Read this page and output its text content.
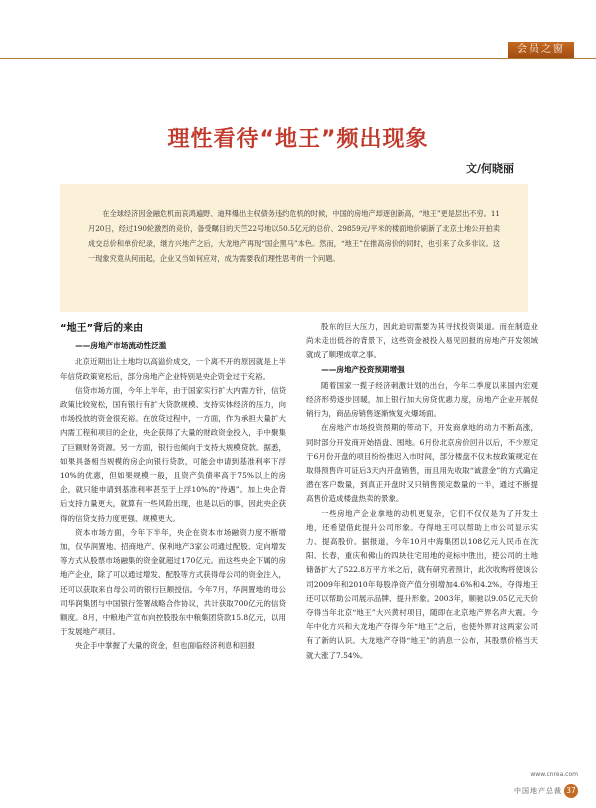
会员之窗
理性看待“地王”频出现象
文/何晓丽
在全球经济因金融危机而哀鸿遍野、迪拜爆出主权债务违约危机的时候，中国的房地产却逐创新高，“地王”更是层出不穷。11月20日，经过190轮激烈的竞价，备受瞩目的天竺22号地以50.5亿元的总价、29859元/平米的楼面地价刷新了北京土地公开拍卖成交总价和单价纪录，继方兴地产之后，大龙地产再现“国企黑马”本色。然而，“地王”在推高房价的同时，也引来了众多非议。这一现象究竟从何而起，企业又当如何应对，成为需要我们理性思考的一个问题。
“地王”背后的来由
——房地产市场流动性泛滥

北京近期出让土地均以高溢价成交，一个离不开的原因就是上半年信贷政策宽松后，部分房地产企业特别是央企资金过于充裕。

信贷市场方面，今年上半年，由于国家实行扩大内需方针，信贷政策比较宽松，国有银行有扩大贷款规模、支持实体经济的压力，向市场投放的资金很充裕。在放贷过程中，一方面，作为承担大量扩大内需工程和项目的企业，央企获得了大量的财政资金投入，手中聚集了巨额财务资源。另一方面，银行也倾向于支持大规模贷款。据悉，如果具备相当规模的房企向银行贷款，可能会申请到基准利率下浮10%的优惠，但如果规模一般，且资产负债率高于75%以上的房企，就只能申请到基准利率甚至于上浮10%的“待遇”。加上央企背后支持力量更大，就算有一些风险出现，也是以后的事，因此央企获得的信贷支持力度更强、规模更大。

资本市场方面，今年下半年，央企在资本市场融资力度不断增加，仅华润置地、招商地产、保利地产3家公司通过配股、定向增发等方式从股票市场融集的资金就超过170亿元。而这些央企下属的房地产企业，除了可以通过增发、配股等方式获得母公司的资金注入，还可以获取来自母公司的银行巨额授信。今年7月，华润置地的母公司华润集团与中国银行签署战略合作协议，共计获取700亿元的信贷额度。8月，中粮地产宣布向控股股东中粮集团贷款15.8亿元，以用于发展地产项目。

央企手中掌握了大量的资金，但也面临经济利息和回报

股东的巨大压力，因此迫切需要为其寻找投资渠道。而在制造业尚未走出低谷的背景下，这些资金被投入易见回报的房地产开发领域就成了顺理成章之事。

——房地产投资预期增强

随着国家一揽子经济刺激计划的出台，今年二季度以来国内宏观经济形势逐步回暖，加上银行加大房贷优惠力度，房地产企业开展促销行为，商品房销售逐渐恢复火爆场面。

在房地产市场投资预期的带动下，开发商拿地的动力不断高涨，同时部分开发商开始捂盘、囤地。6月份北京房价回升以后，不少原定于6月份开盘的项目纷纷推迟入市时间，部分楼盘不仅未按政策规定在取得预售许可证后3天内开盘销售，而且用先收取“诚意金”的方式确定潜在客户数量，到真正开盘时又只销售预定数量的一半，通过不断提高售价造成楼盘热卖的景象。

一些房地产企业拿地的动机更复杂，它们不仅仅是为了开发土地，还希望借此提升公司形象。夺得地王可以帮助上市公司显示实力、提高股价。据报道，今年10月中海集团以108亿元人民币在沈阳、长春，重庆和佛山的四块住宅用地的竞标中胜出，使公司的土地储备扩大了522.8万平方米之后，就有研究者预计，此次收购将使该公司2009年和2010年每股净资产值分别增加4.6%和4.2%。夺得地王还可以帮助公司展示品牌、提升形象。2003年，顺驰以9.05亿元天价夺得当年北京“地王”大兴黄村项目，随即在北京地产界名声大震。今年中化方兴和大龙地产夺得今年“地王”之后，也使外界对这两家公司有了新的认识。大龙地产夺得“地王”的消息一公布，其股票价格当天就大涨了7.54%。

www.cnrea.com
中国地产总裁 37
